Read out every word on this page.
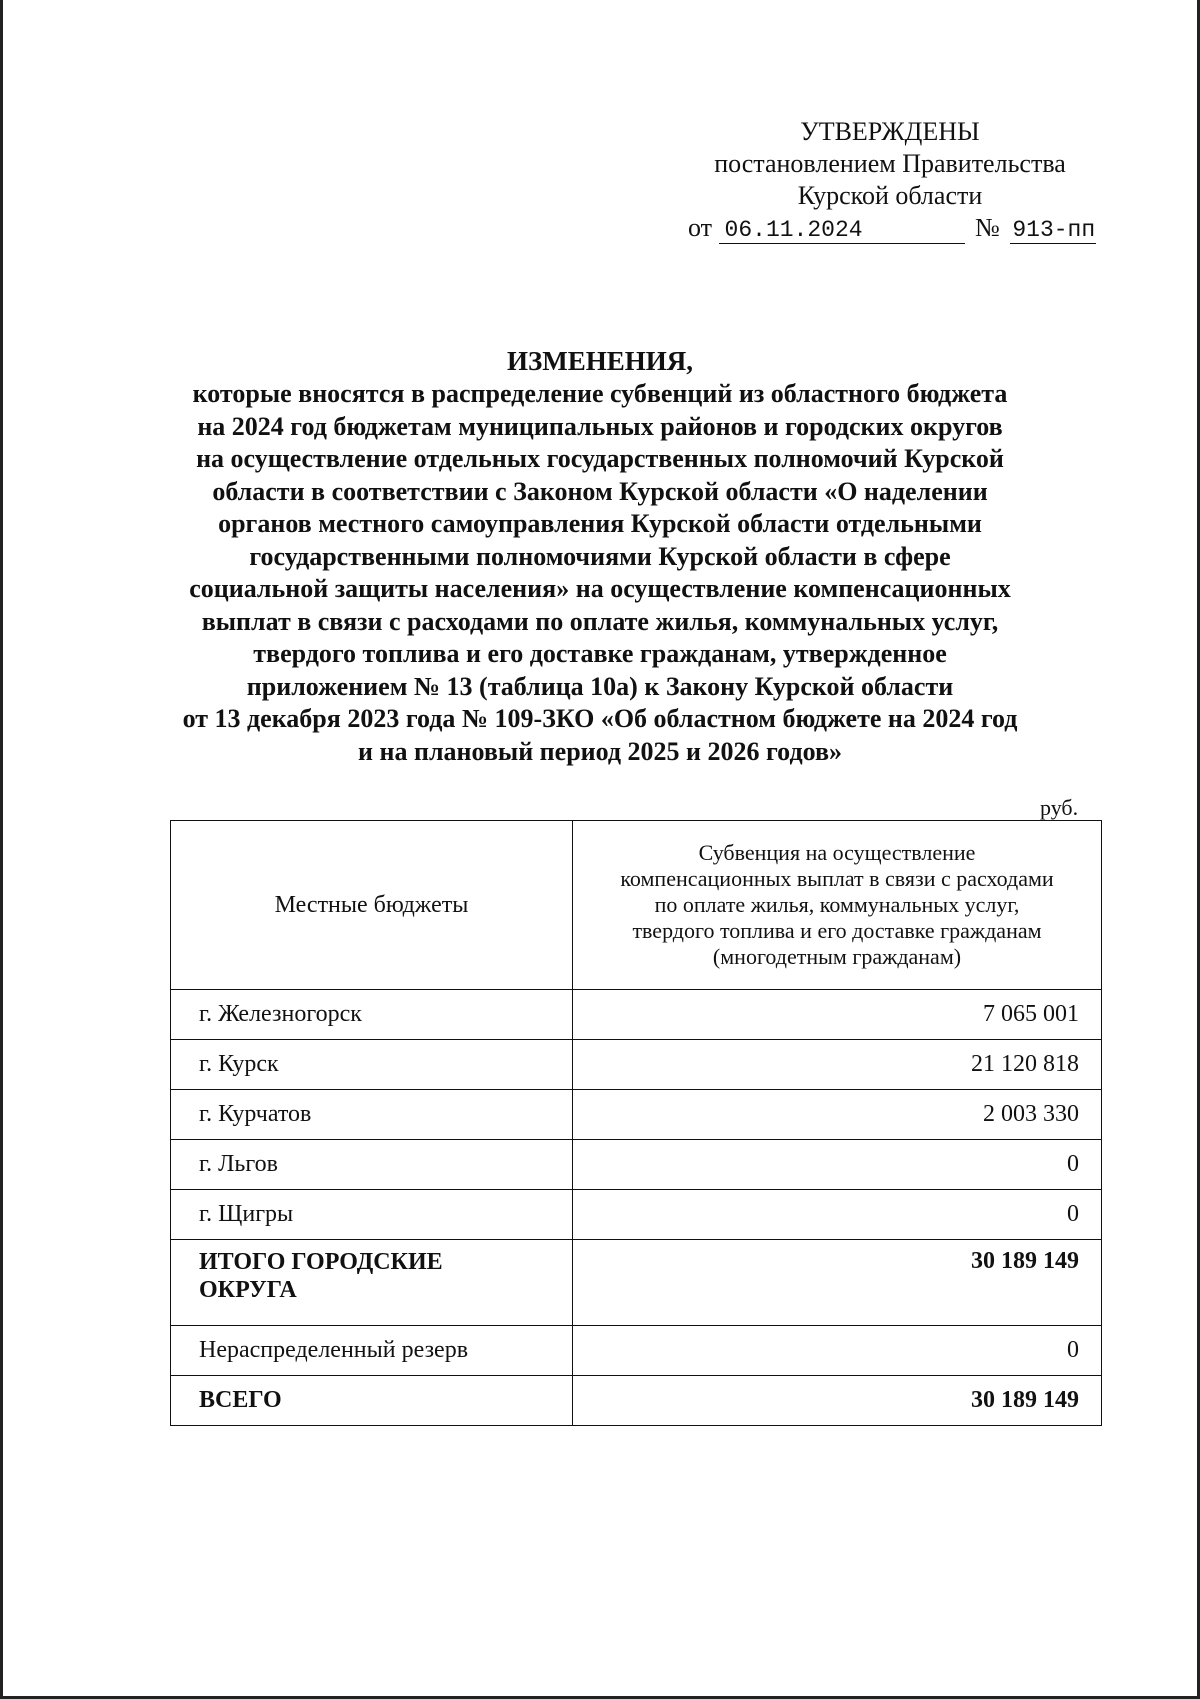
УТВЕРЖДЕНЫ
постановлением Правительства
Курской области
от 06.11.2024	№ 913-пп
ИЗМЕНЕНИЯ,
которые вносятся в распределение субвенций из областного бюджета
на 2024 год бюджетам муниципальных районов и городских округов
на осуществление отдельных государственных полномочий Курской
области в соответствии с Законом Курской области «О наделении
органов местного самоуправления Курской области отдельными
государственными полномочиями Курской области в сфере
социальной защиты населения» на осуществление компенсационных
выплат в связи с расходами по оплате жилья, коммунальных услуг,
твердого топлива и его доставке гражданам, утвержденное
приложением № 13 (таблица 10а) к Закону Курской области
от 13 декабря 2023 года № 109-ЗКО «Об областном бюджете на 2024 год
и на плановый период 2025 и 2026 годов»
руб.
Местные бюджеты	Субвенция на осуществление
компенсационных выплат в связи с расходами
по оплате жилья, коммунальных услуг,
твердого топлива и его доставке гражданам
(многодетным гражданам)

г. Железногорск	7 065 001
г. Курск	21 120 818
г. Курчатов	2 003 330
г. Льгов	0
г. Щигры	0

ИТОГО ГОРОДСКИЕ
ОКРУГА	30 189 149
Нераспределенный резерв	0
ВСЕГО	30 189 149
